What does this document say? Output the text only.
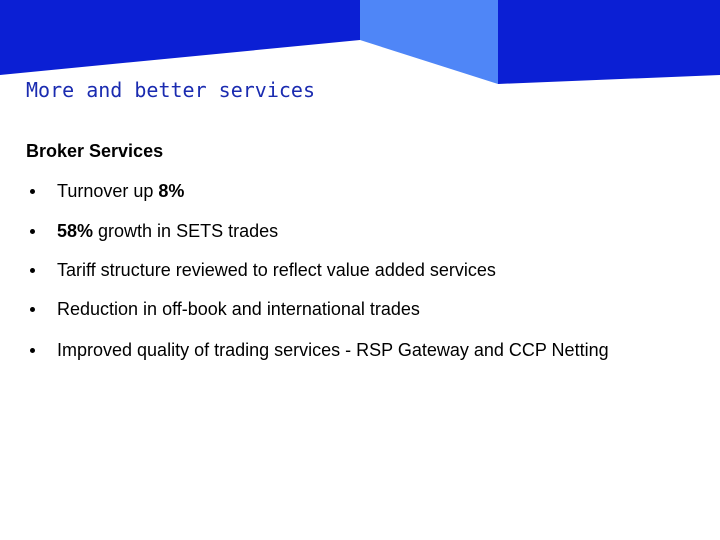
More and better services
Broker Services
Turnover up 8%
58% growth in SETS trades
Tariff structure reviewed to reflect value added services
Reduction in off-book and international trades
Improved quality of trading services - RSP Gateway and CCP Netting
